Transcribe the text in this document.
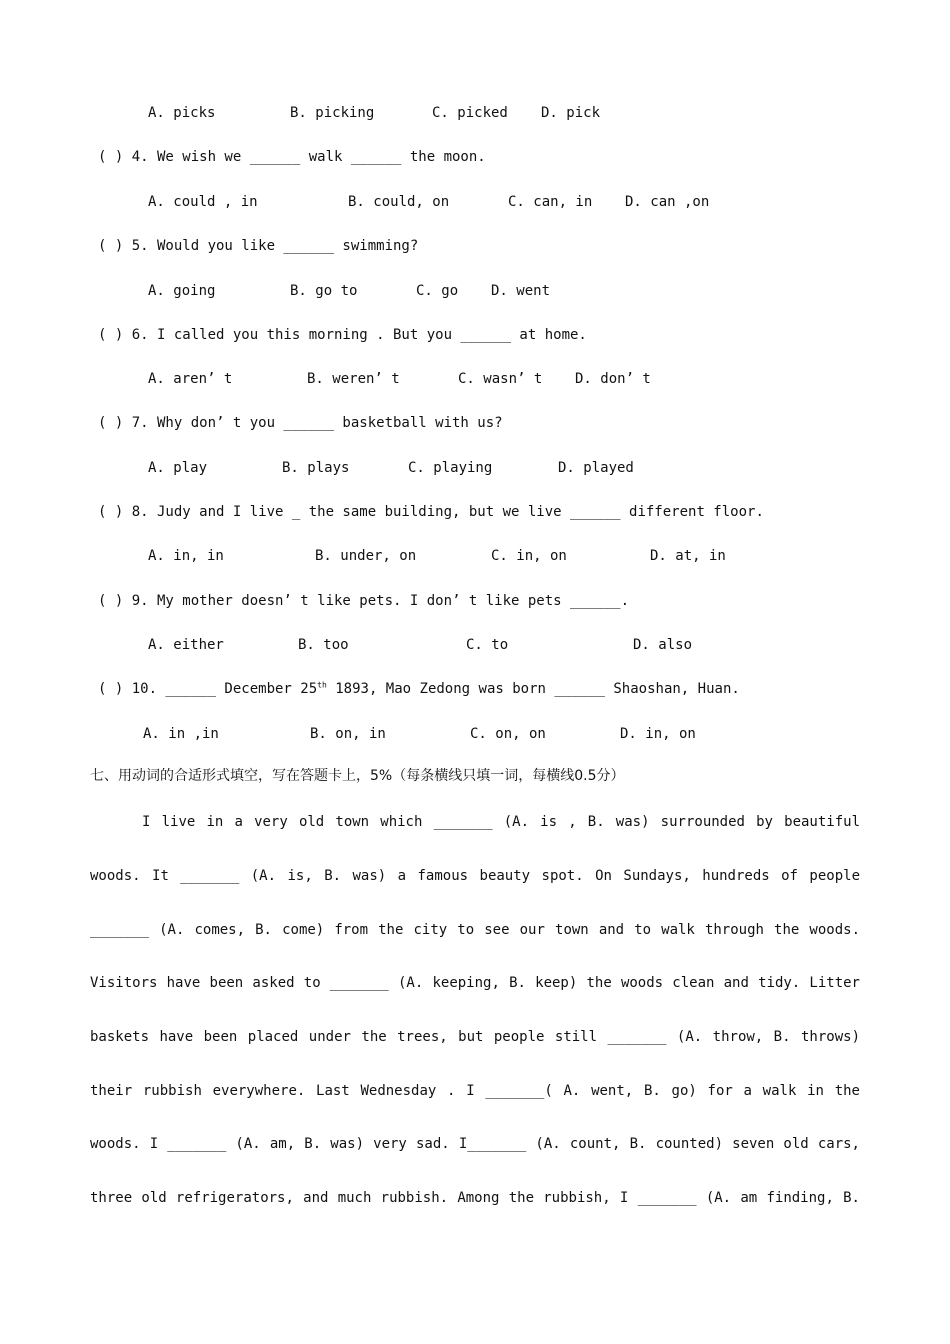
A. picks	B. picking	C. picked D. pick
( ) 4. We wish we ______ walk ______ the moon.
A. could , in	B. could, on	C. can, in D. can ,on
( ) 5. Would you like ______ swimming?
A. going	B. go to	C. go D. went
( ) 6. I called you this morning . But you ______ at home.
A. aren’ t	B. weren’ t	C. wasn’ t D. don’ t
( ) 7. Why don’ t you ______ basketball with us?
A. play	B. plays	C. playing	D. played
( ) 8. Judy and I live _ the same building, but we live ______ different floor.
A. in, in	B. under, on	C. in, on	D. at, in
( ) 9. My mother doesn’ t like pets. I don’ t like pets ______.
A. either	B. too	C. to	D. also
( ) 10. ______ December 25th 1893, Mao Zedong was born ______ Shaoshan, Huan.
A. in ,in	B. on, in	C. on, on	D. in, on
七、用动词的合适形式填空，写在答题卡上，5%（每条横线只填一词，每横线0.5分）
I live in a very old town which _______ (A. is , B. was) surrounded by beautiful
woods. It _______ (A. is, B. was) a famous beauty spot. On Sundays, hundreds of people
_______ (A. comes, B. come) from the city to see our town and to walk through the woods.
Visitors have been asked to _______ (A. keeping, B. keep) the woods clean and tidy. Litter
baskets have been placed under the trees, but people still _______ (A. throw, B. throws)
their rubbish everywhere. Last Wednesday . I _______( A. went, B. go) for a walk in the
woods. I _______ (A. am, B. was) very sad. I_______ (A. count, B. counted) seven old cars,
three old refrigerators, and much rubbish. Among the rubbish, I _______ (A. am finding, B.
